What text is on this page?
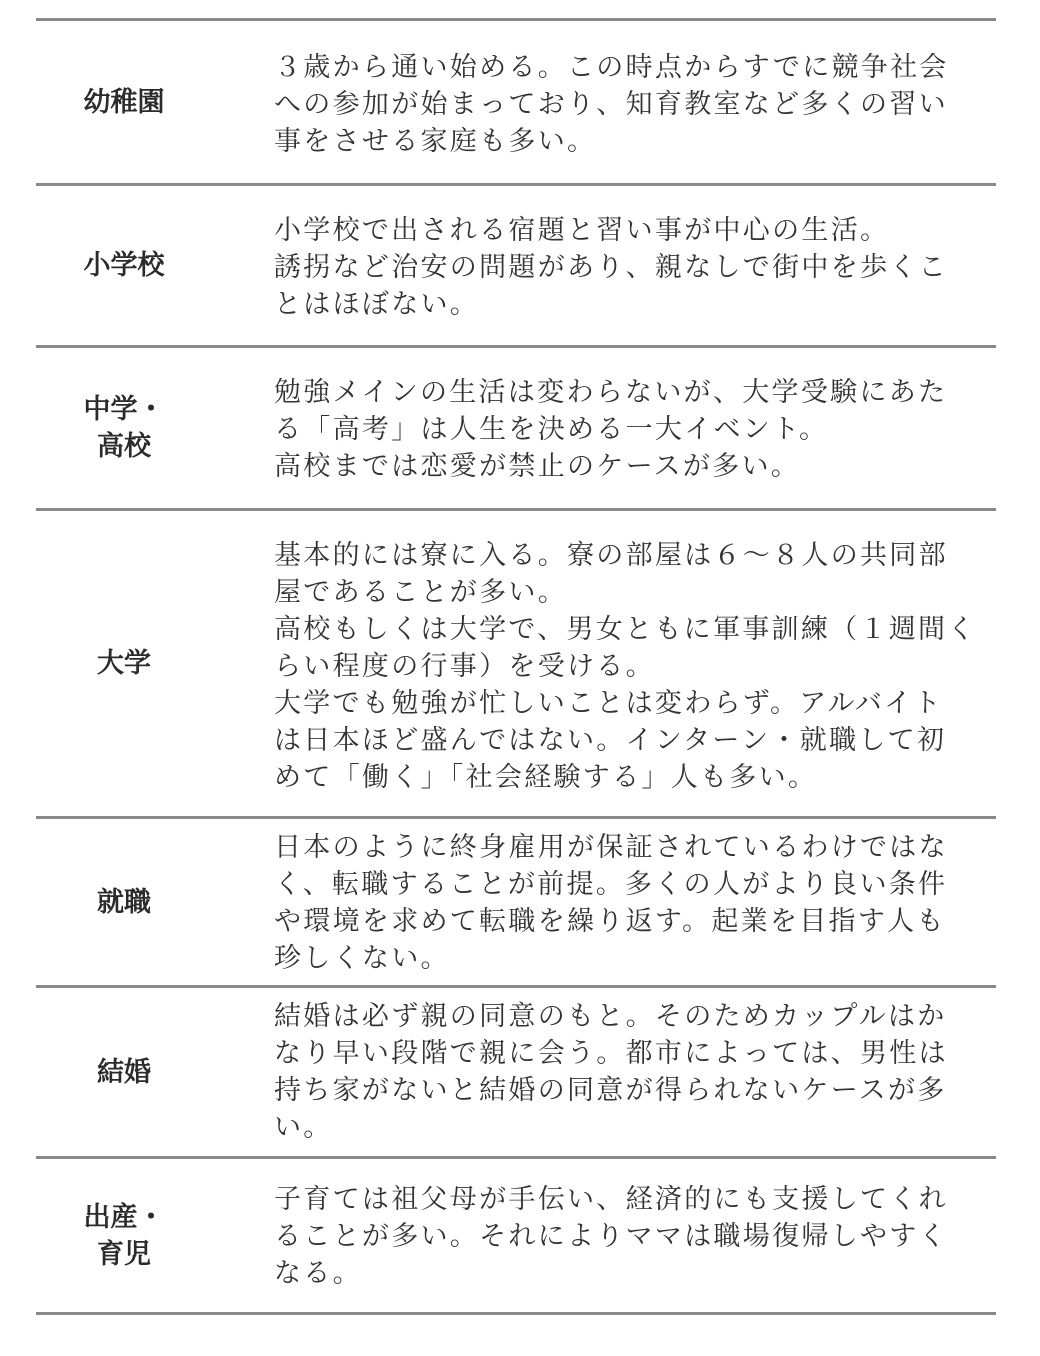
幼稚園
３歳から通い始める。この時点からすでに競争社会
への参加が始まっており、知育教室など多くの習い
事をさせる家庭も多い。
小学校
小学校で出される宿題と習い事が中心の生活。
誘拐など治安の問題があり、親なしで街中を歩くこ
とはほぼない。
中学・
高校
勉強メインの生活は変わらないが、大学受験にあた
る「高考」は人生を決める一大イベント。
高校までは恋愛が禁止のケースが多い。
大学
基本的には寮に入る。寮の部屋は６～８人の共同部
屋であることが多い。
高校もしくは大学で、男女ともに軍事訓練（１週間く
らい程度の行事）を受ける。
大学でも勉強が忙しいことは変わらず。アルバイト
は日本ほど盛んではない。インターン・就職して初
めて「働く」「社会経験する」人も多い。
就職
日本のように終身雇用が保証されているわけではな
く、転職することが前提。多くの人がより良い条件
や環境を求めて転職を繰り返す。起業を目指す人も
珍しくない。
結婚
結婚は必ず親の同意のもと。そのためカップルはか
なり早い段階で親に会う。都市によっては、男性は
持ち家がないと結婚の同意が得られないケースが多
い。
出産・
育児
子育ては祖父母が手伝い、経済的にも支援してくれ
ることが多い。それによりママは職場復帰しやすく
なる。
